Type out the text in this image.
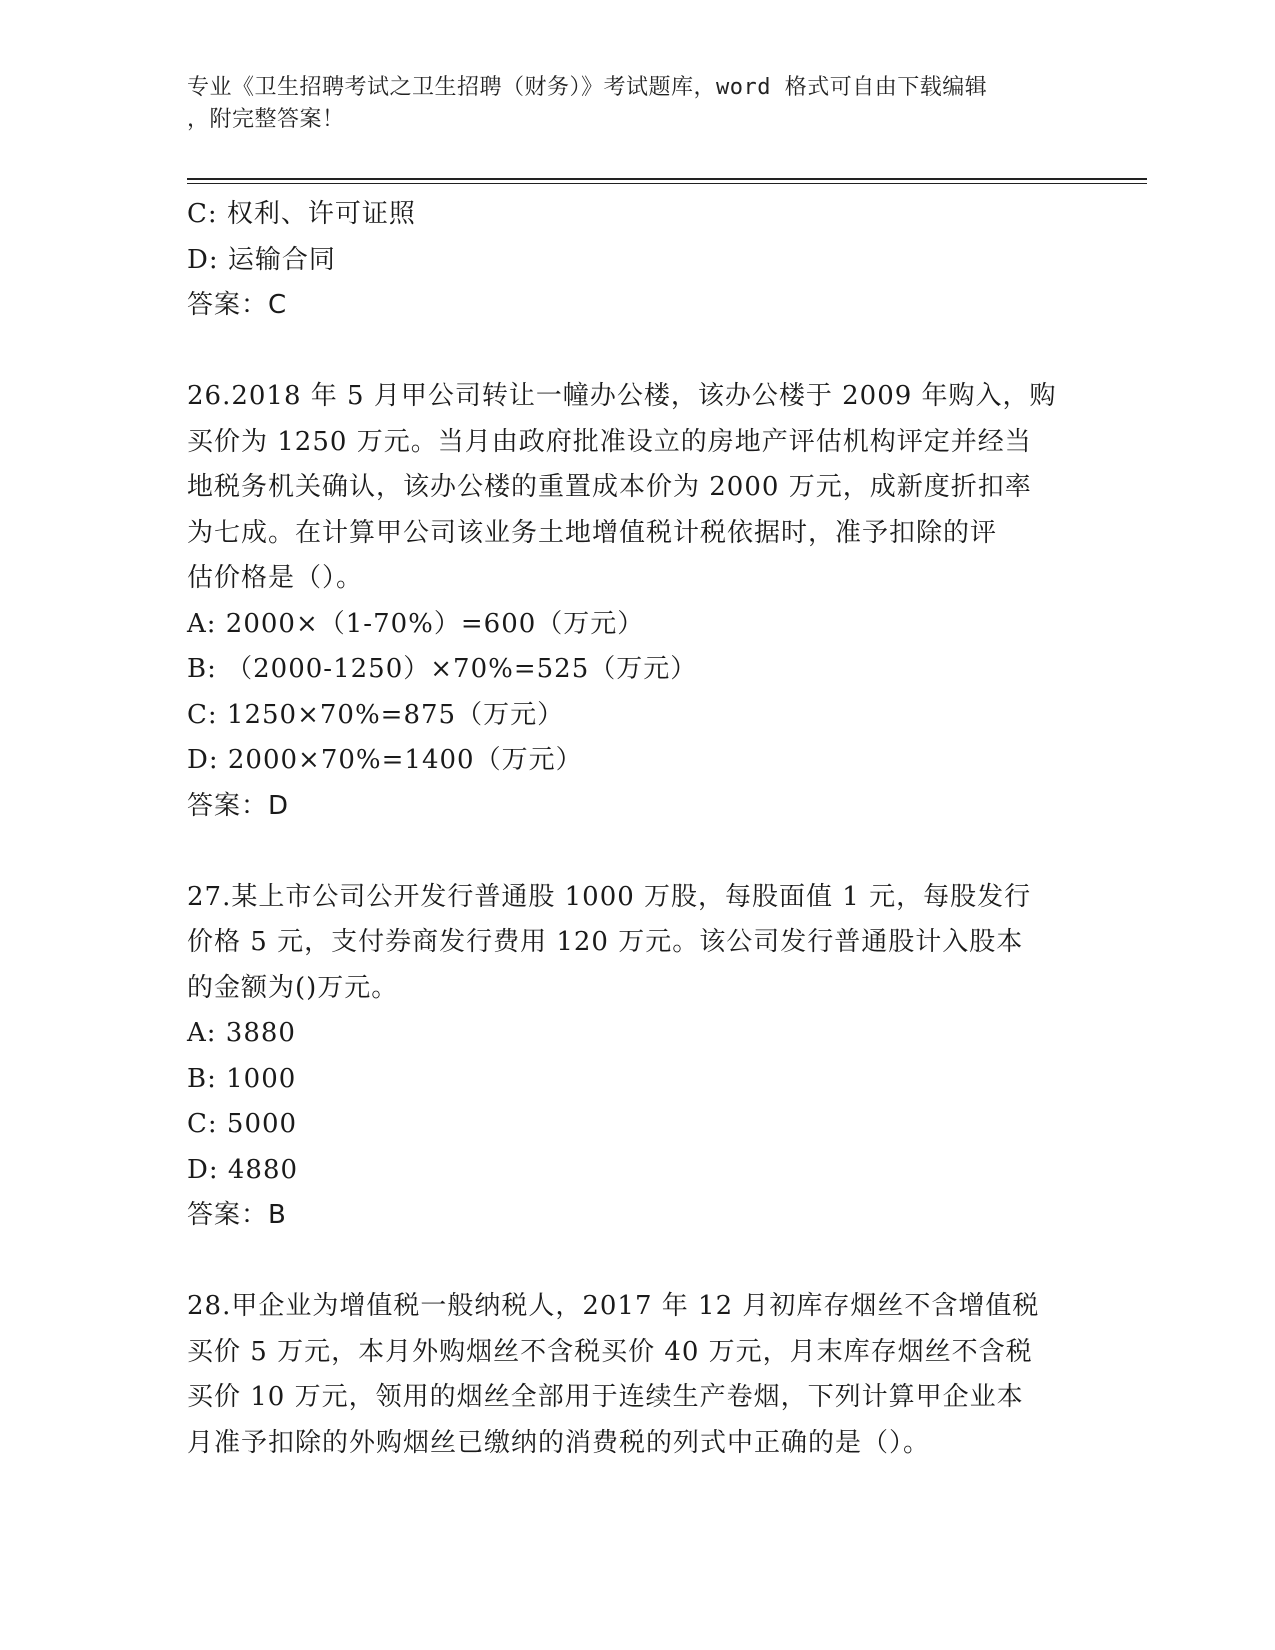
专业《卫生招聘考试之卫生招聘（财务）》考试题库，word 格式可自由下载编辑
，附完整答案！
C: 权利、许可证照
D: 运输合同
答案：C
26.2018 年 5 月甲公司转让一幢办公楼，该办公楼于 2009 年购入，购
买价为 1250 万元。当月由政府批准设立的房地产评估机构评定并经当
地税务机关确认，该办公楼的重置成本价为 2000 万元，成新度折扣率
为七成。在计算甲公司该业务土地增值税计税依据时，准予扣除的评
估价格是（）。
A: 2000×（1-70%）=600（万元）
B: （2000-1250）×70%=525（万元）
C: 1250×70%=875（万元）
D: 2000×70%=1400（万元）
答案：D
27.某上市公司公开发行普通股 1000 万股，每股面值 1 元，每股发行
价格 5 元，支付券商发行费用 120 万元。该公司发行普通股计入股本
的金额为()万元。
A: 3880
B: 1000
C: 5000
D: 4880
答案：B
28.甲企业为增值税一般纳税人，2017 年 12 月初库存烟丝不含增值税
买价 5 万元，本月外购烟丝不含税买价 40 万元，月末库存烟丝不含税
买价 10 万元，领用的烟丝全部用于连续生产卷烟，下列计算甲企业本
月准予扣除的外购烟丝已缴纳的消费税的列式中正确的是（）。
